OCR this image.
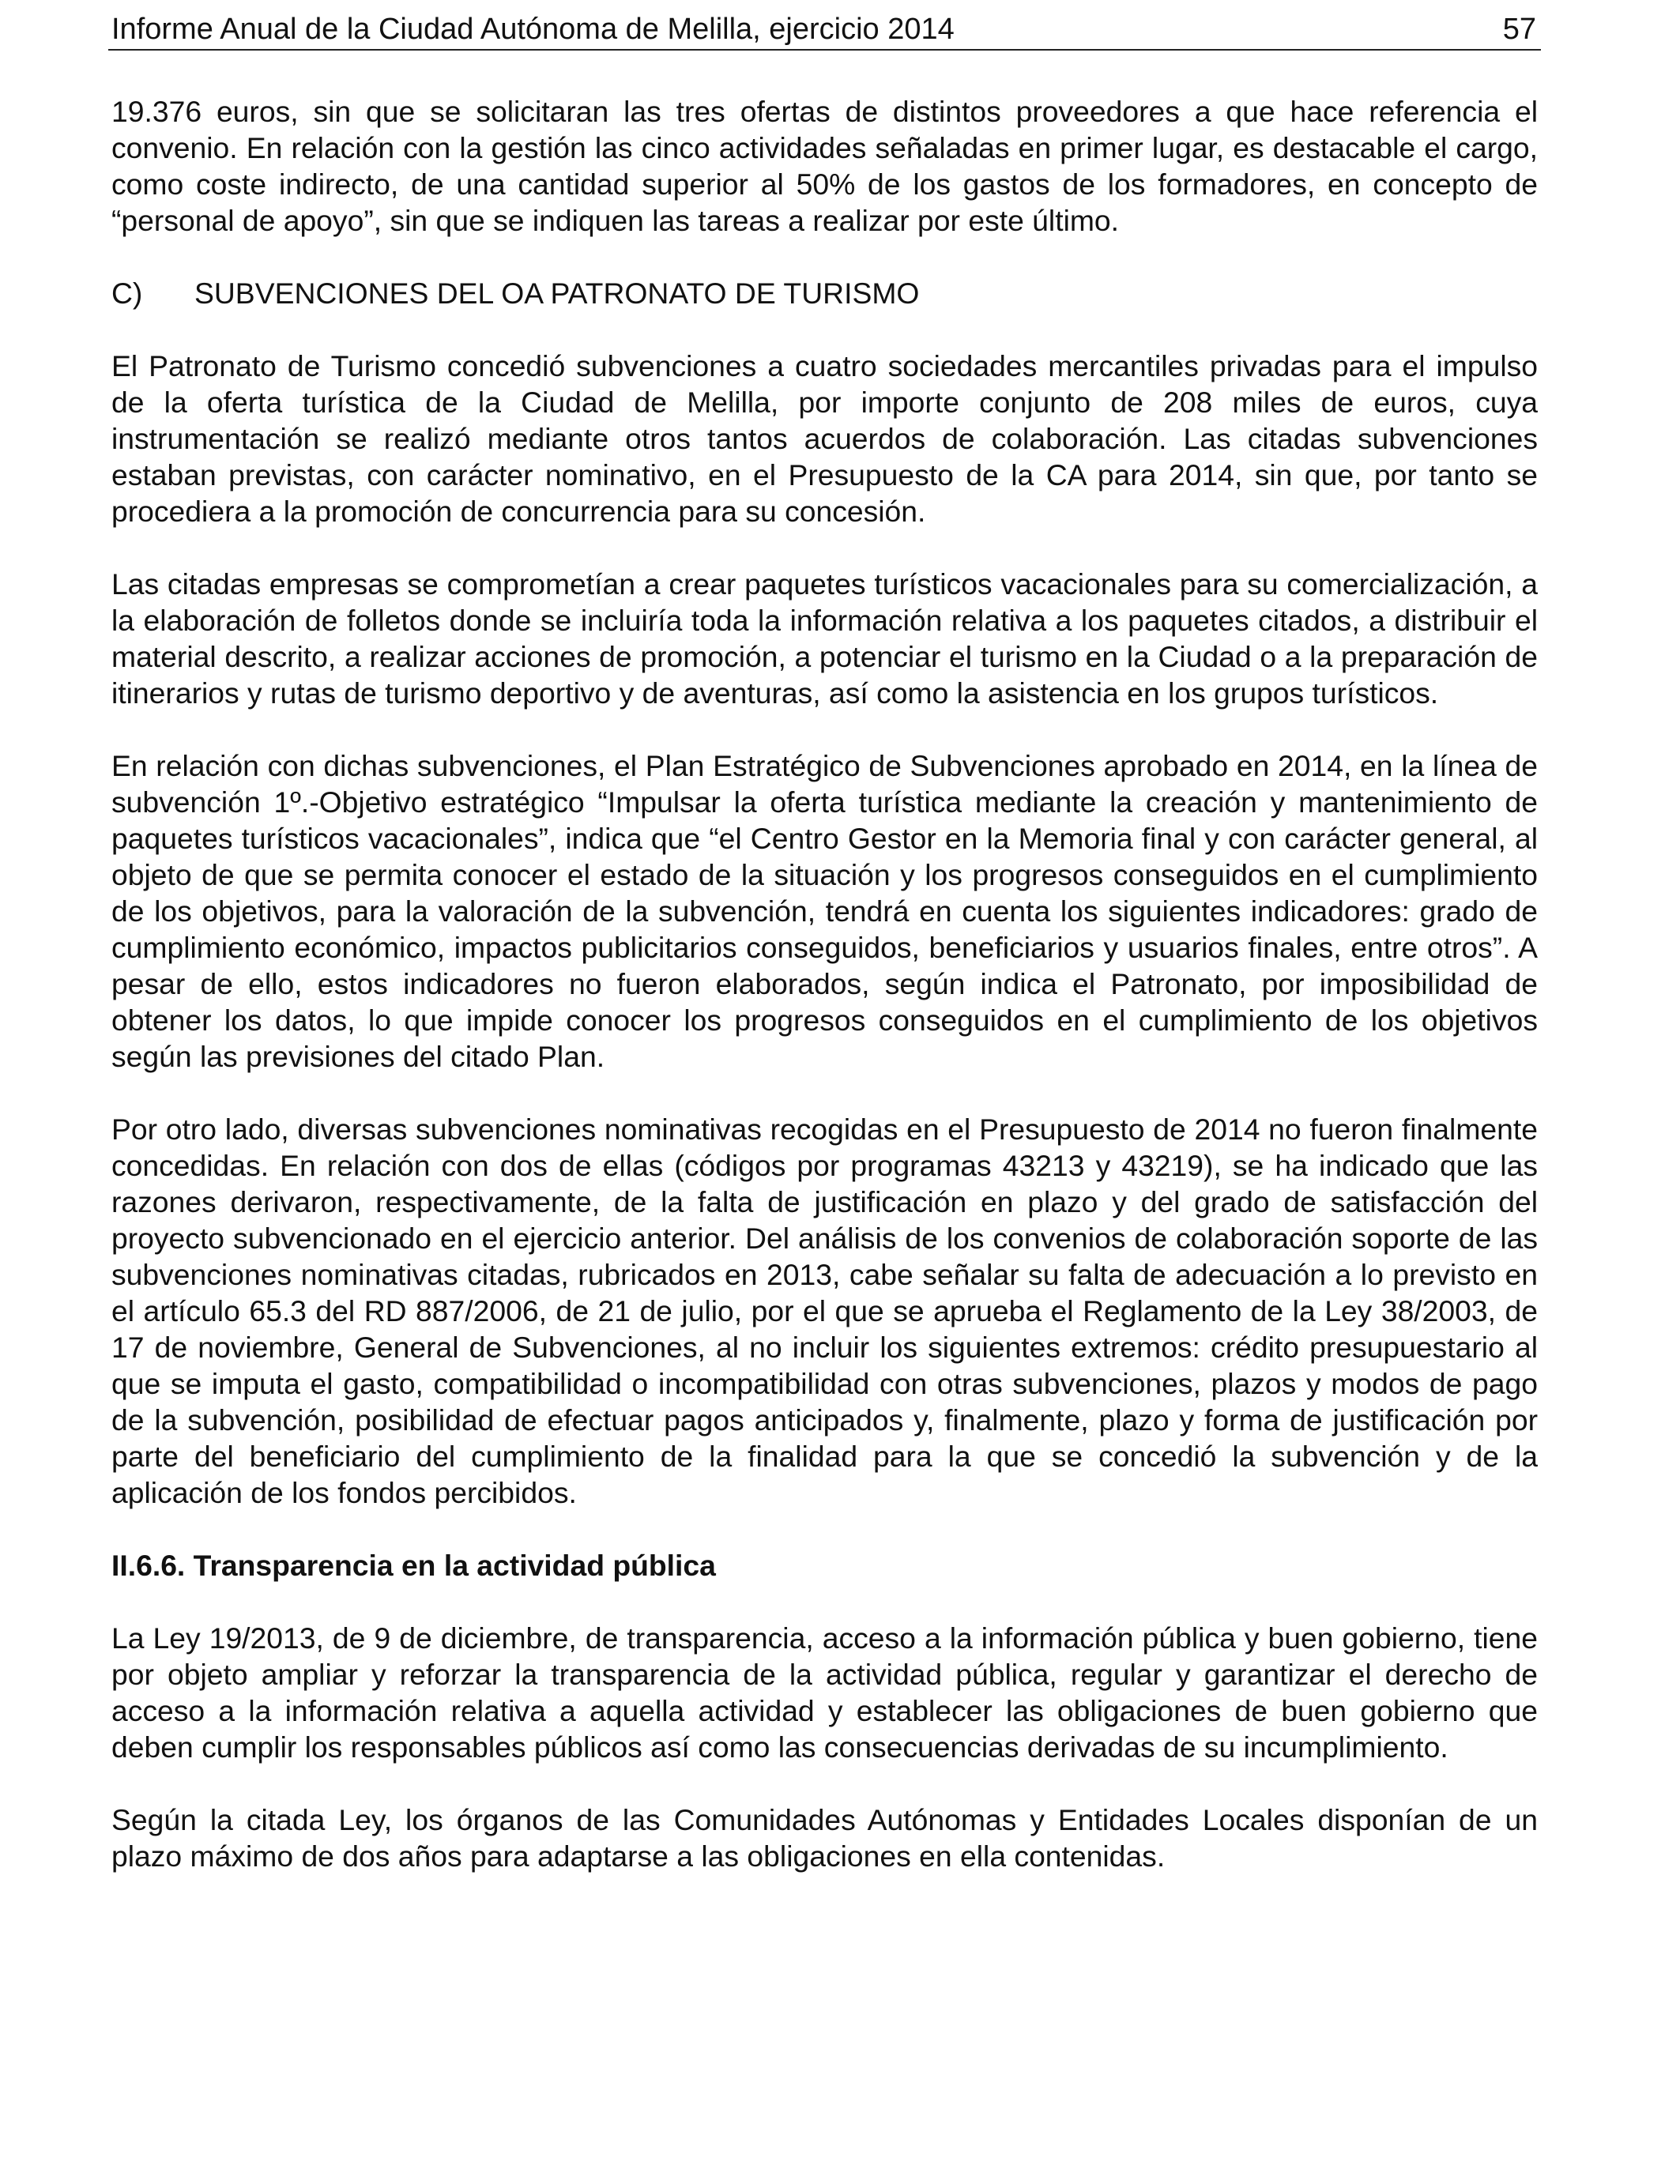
Informe Anual de la Ciudad Autónoma de Melilla, ejercicio 2014	57

19.376 euros, sin que se solicitaran las tres ofertas de distintos proveedores a que hace referencia el convenio. En relación con la gestión las cinco actividades señaladas en primer lugar, es destacable el cargo, como coste indirecto, de una cantidad superior al 50% de los gastos de los formadores, en concepto de “personal de apoyo”, sin que se indiquen las tareas a realizar por este último.

C) SUBVENCIONES DEL OA PATRONATO DE TURISMO

El Patronato de Turismo concedió subvenciones a cuatro sociedades mercantiles privadas para el impulso de la oferta turística de la Ciudad de Melilla, por importe conjunto de 208 miles de euros, cuya instrumentación se realizó mediante otros tantos acuerdos de colaboración. Las citadas subvenciones estaban previstas, con carácter nominativo, en el Presupuesto de la CA para 2014, sin que, por tanto se procediera a la promoción de concurrencia para su concesión.

Las citadas empresas se comprometían a crear paquetes turísticos vacacionales para su comercialización, a la elaboración de folletos donde se incluiría toda la información relativa a los paquetes citados, a distribuir el material descrito, a realizar acciones de promoción, a potenciar el turismo en la Ciudad o a la preparación de itinerarios y rutas de turismo deportivo y de aventuras, así como la asistencia en los grupos turísticos.

En relación con dichas subvenciones, el Plan Estratégico de Subvenciones aprobado en 2014, en la línea de subvención 1º.-Objetivo estratégico “Impulsar la oferta turística mediante la creación y mantenimiento de paquetes turísticos vacacionales”, indica que “el Centro Gestor en la Memoria final y con carácter general, al objeto de que se permita conocer el estado de la situación y los progresos conseguidos en el cumplimiento de los objetivos, para la valoración de la subvención, tendrá en cuenta los siguientes indicadores: grado de cumplimiento económico, impactos publicitarios conseguidos, beneficiarios y usuarios finales, entre otros”. A pesar de ello, estos indicadores no fueron elaborados, según indica el Patronato, por imposibilidad de obtener los datos, lo que impide conocer los progresos conseguidos en el cumplimiento de los objetivos según las previsiones del citado Plan.

Por otro lado, diversas subvenciones nominativas recogidas en el Presupuesto de 2014 no fueron finalmente concedidas. En relación con dos de ellas (códigos por programas 43213 y 43219), se ha indicado que las razones derivaron, respectivamente, de la falta de justificación en plazo y del grado de satisfacción del proyecto subvencionado en el ejercicio anterior. Del análisis de los convenios de colaboración soporte de las subvenciones nominativas citadas, rubricados en 2013, cabe señalar su falta de adecuación a lo previsto en el artículo 65.3 del RD 887/2006, de 21 de julio, por el que se aprueba el Reglamento de la Ley 38/2003, de 17 de noviembre, General de Subvenciones, al no incluir los siguientes extremos: crédito presupuestario al que se imputa el gasto, compatibilidad o incompatibilidad con otras subvenciones, plazos y modos de pago de la subvención, posibilidad de efectuar pagos anticipados y, finalmente, plazo y forma de justificación por parte del beneficiario del cumplimiento de la finalidad para la que se concedió la subvención y de la aplicación de los fondos percibidos.

II.6.6. Transparencia en la actividad pública

La Ley 19/2013, de 9 de diciembre, de transparencia, acceso a la información pública y buen gobierno, tiene por objeto ampliar y reforzar la transparencia de la actividad pública, regular y garantizar el derecho de acceso a la información relativa a aquella actividad y establecer las obligaciones de buen gobierno que deben cumplir los responsables públicos así como las consecuencias derivadas de su incumplimiento.

Según la citada Ley, los órganos de las Comunidades Autónomas y Entidades Locales disponían de un plazo máximo de dos años para adaptarse a las obligaciones en ella contenidas.
